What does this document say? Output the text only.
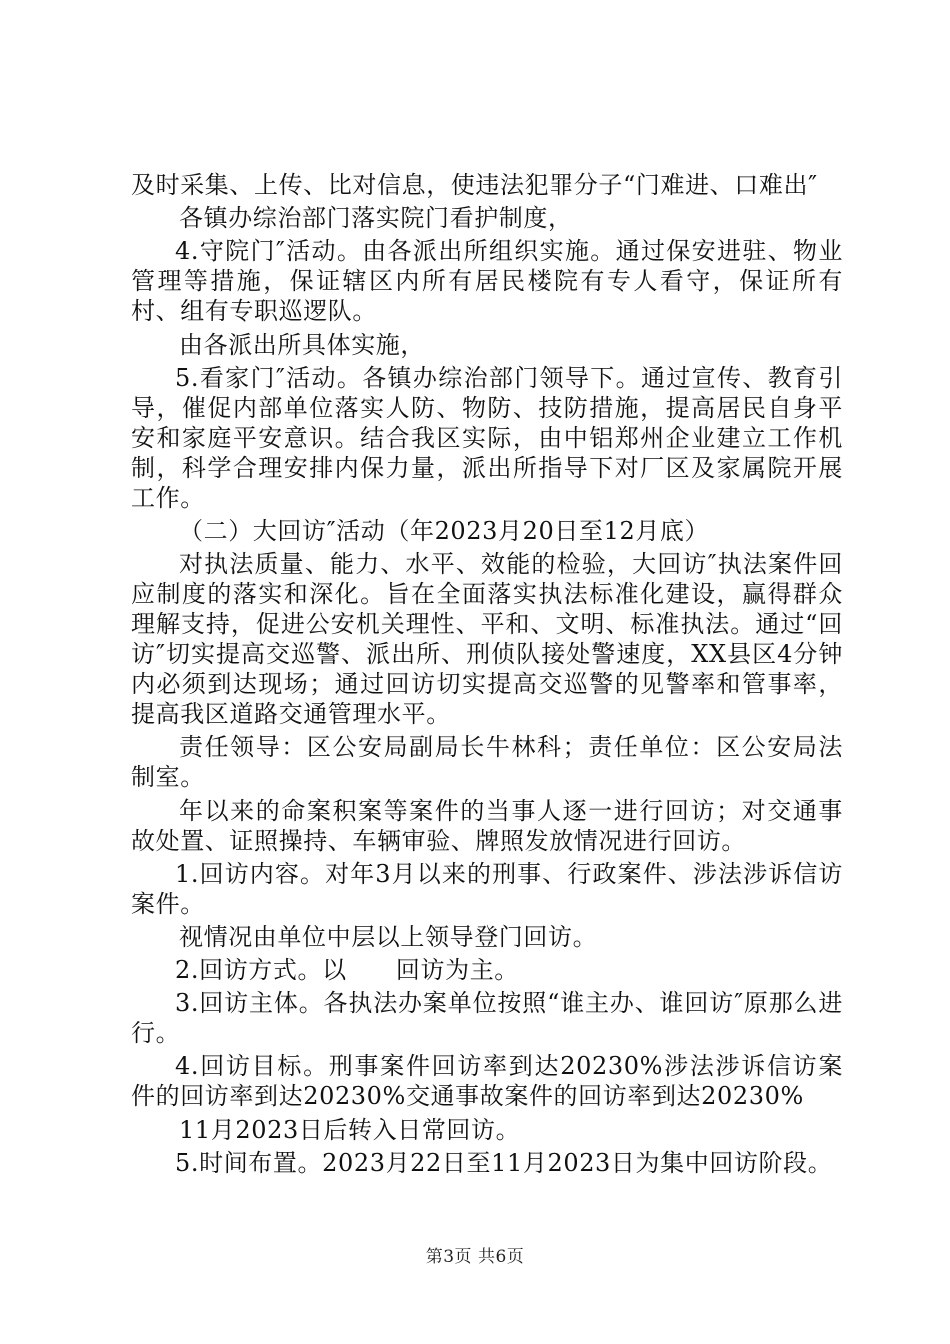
及时采集、上传、比对信息，使违法犯罪分子“门难进、口难出″

各镇办综治部门落实院门看护制度，

4.守院门″活动。由各派出所组织实施。通过保安进驻、物业管理等措施，保证辖区内所有居民楼院有专人看守，保证所有村、组有专职巡逻队。

由各派出所具体实施，

5.看家门″活动。各镇办综治部门领导下。通过宣传、教育引导，催促内部单位落实人防、物防、技防措施，提高居民自身平安和家庭平安意识。结合我区实际，由中铝郑州企业建立工作机制，科学合理安排内保力量，派出所指导下对厂区及家属院开展工作。

（二）大回访″活动（年2023月20日至12月底）

对执法质量、能力、水平、效能的检验，大回访″执法案件回应制度的落实和深化。旨在全面落实执法标准化建设，赢得群众理解支持，促进公安机关理性、平和、文明、标准执法。通过“回访″切实提高交巡警、派出所、刑侦队接处警速度，XX县区4分钟内必须到达现场；通过回访切实提高交巡警的见警率和管事率，提高我区道路交通管理水平。

责任领导：区公安局副局长牛林科；责任单位：区公安局法制室。

年以来的命案积案等案件的当事人逐一进行回访；对交通事故处置、证照操持、车辆审验、牌照发放情况进行回访。

1.回访内容。对年3月以来的刑事、行政案件、涉法涉诉信访案件。

视情况由单位中层以上领导登门回访。

2.回访方式。以　　回访为主。

3.回访主体。各执法办案单位按照“谁主办、谁回访″原那么进行。

4.回访目标。刑事案件回访率到达20230%涉法涉诉信访案件的回访率到达20230%交通事故案件的回访率到达20230%

11月2023日后转入日常回访。

5.时间布置。2023月22日至11月2023日为集中回访阶段。

第3页 共6页
